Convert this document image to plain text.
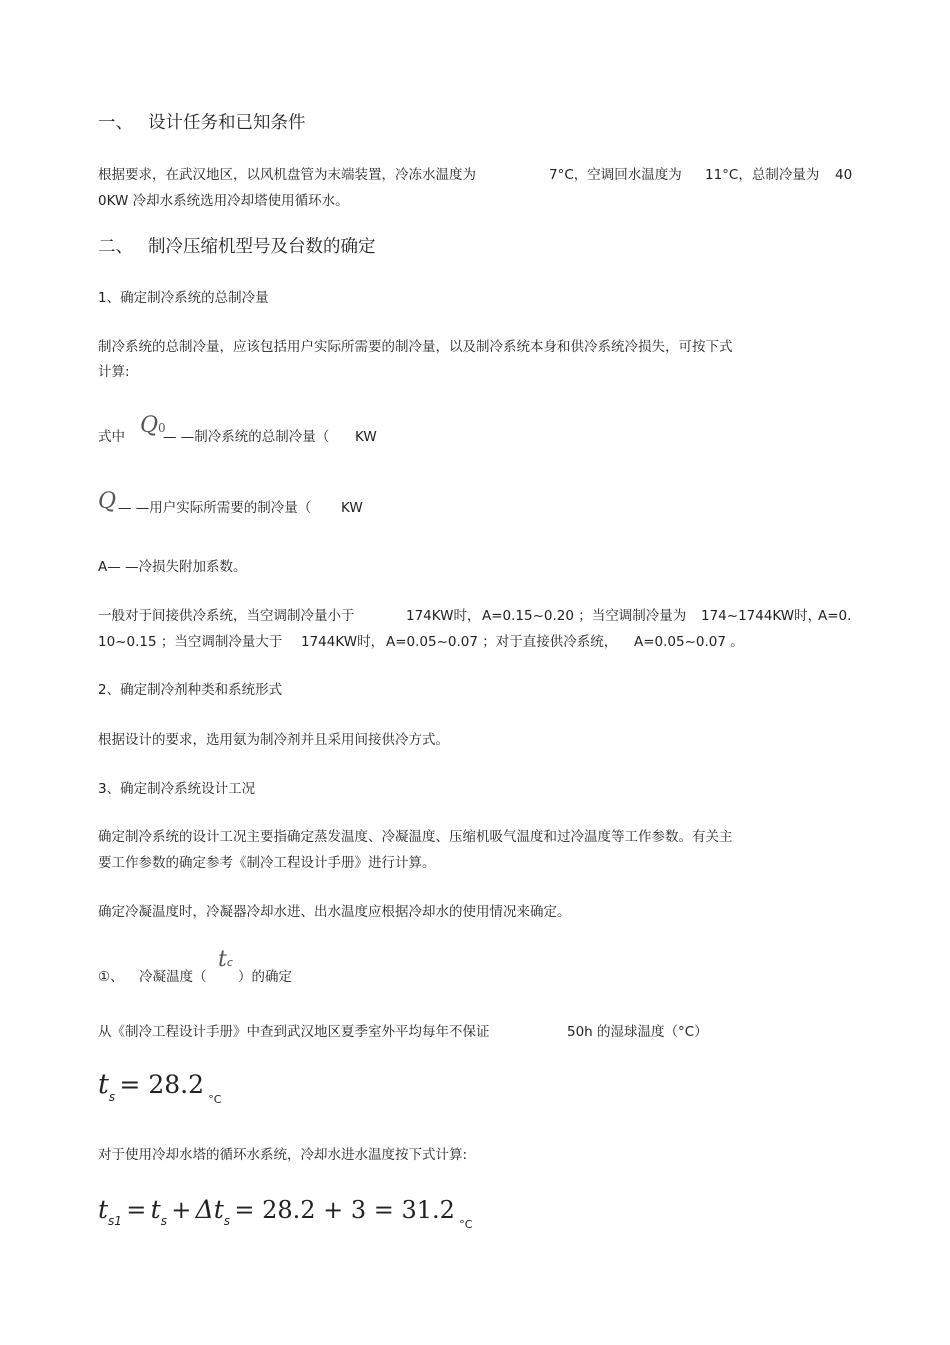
一、 设计任务和已知条件
根据要求，在武汉地区，以风机盘管为末端装置，冷冻水温度为	7°C，空调回水温度为 11°C，总制冷量为 40
0KW 冷却水系统选用冷却塔使用循环水。
二、 制冷压缩机型号及台数的确定
1、确定制冷系统的总制冷量
制冷系统的总制冷量，应该包括用户实际所需要的制冷量，以及制冷系统本身和供冷系统冷损失，可按下式
计算:
式中 Q0
— —制冷系统的总制冷量（ KW
Q — —用户实际所需要的制冷量（ KW
A— —冷损失附加系数。
一般对于间接供冷系统，当空调制冷量小于	174KW时， A=0.15~0.20 ；当空调制冷量为 174~1744KW时，
A=0.
10~0.15 ；当空调制冷量大于 1744KW时， A=0.05~0.07 ；对于直接供冷系统， A=0.05~0.07 。
2、确定制冷剂种类和系统形式
根据设计的要求，选用氨为制冷剂并且采用间接供冷方式。
3、确定制冷系统设计工况
确定制冷系统的设计工况主要指确定蒸发温度、冷凝温度、压缩机吸气温度和过冷温度等工作参数。有关主
要工作参数的确定参考《制冷工程设计手册》进行计算。
确定冷凝温度时，冷凝器冷却水进、出水温度应根据冷却水的使用情况来确定。
①、 冷凝温度（
tc
）的确定
从《制冷工程设计手册》中查到武汉地区夏季室外平均每年不保证	50h 的湿球温度（°C）
ts = 28.2 $_{^\circ C}$
对于使用冷却水塔的循环水系统，冷却水进水温度按下式计算:
ts1 = ts + Δts = 28.2 + 3 = 31.2 $_{^\circ C}$
